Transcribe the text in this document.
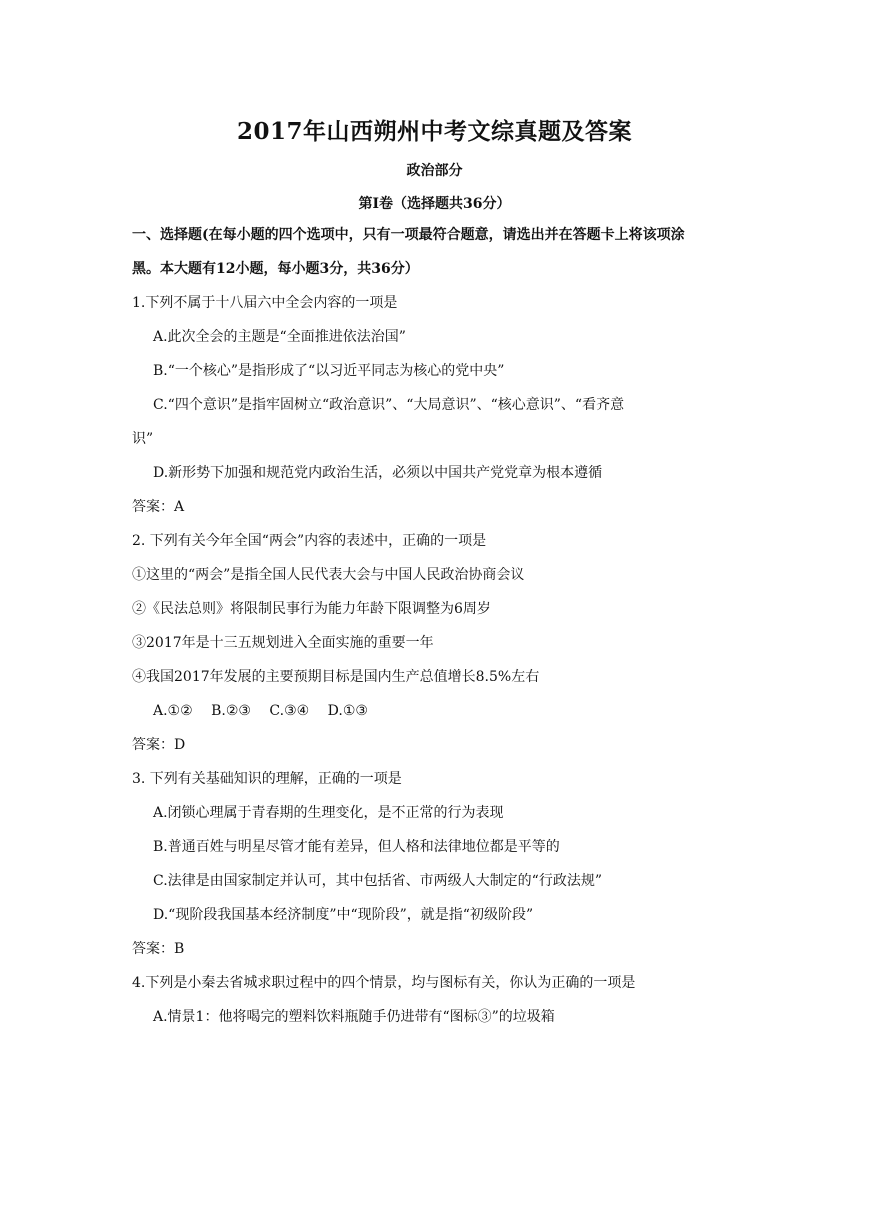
2017年山西朔州中考文综真题及答案
政治部分
第Ⅰ卷（选择题共36分）
一、选择题(在每小题的四个选项中，只有一项最符合题意，请选出并在答题卡上将该项涂
黑。本大题有12小题，每小题3分，共36分）
1.下列不属于十八届六中全会内容的一项是
A.此次全会的主题是“全面推进依法治国”
B.“一个核心”是指形成了“以习近平同志为核心的党中央”
C.“四个意识”是指牢固树立“政治意识”、“大局意识”、“核心意识”、“看齐意
识”
D.新形势下加强和规范党内政治生活，必须以中国共产党党章为根本遵循
答案：A
2. 下列有关今年全国“两会”内容的表述中，正确的一项是
①这里的“两会”是指全国人民代表大会与中国人民政治协商会议
②《民法总则》将限制民事行为能力年龄下限调整为6周岁
③2017年是十三五规划进入全面实施的重要一年
④我国2017年发展的主要预期目标是国内生产总值增长8.5%左右
A.①② B.②③ C.③④ D.①③
答案：D
3. 下列有关基础知识的理解，正确的一项是
A.闭锁心理属于青春期的生理变化，是不正常的行为表现
B.普通百姓与明星尽管才能有差异，但人格和法律地位都是平等的
C.法律是由国家制定并认可，其中包括省、市两级人大制定的“行政法规”
D.“现阶段我国基本经济制度”中“现阶段”，就是指“初级阶段”
答案：B
4.下列是小秦去省城求职过程中的四个情景，均与图标有关，你认为正确的一项是
A.情景1：他将喝完的塑料饮料瓶随手仍进带有“图标③”的垃圾箱
